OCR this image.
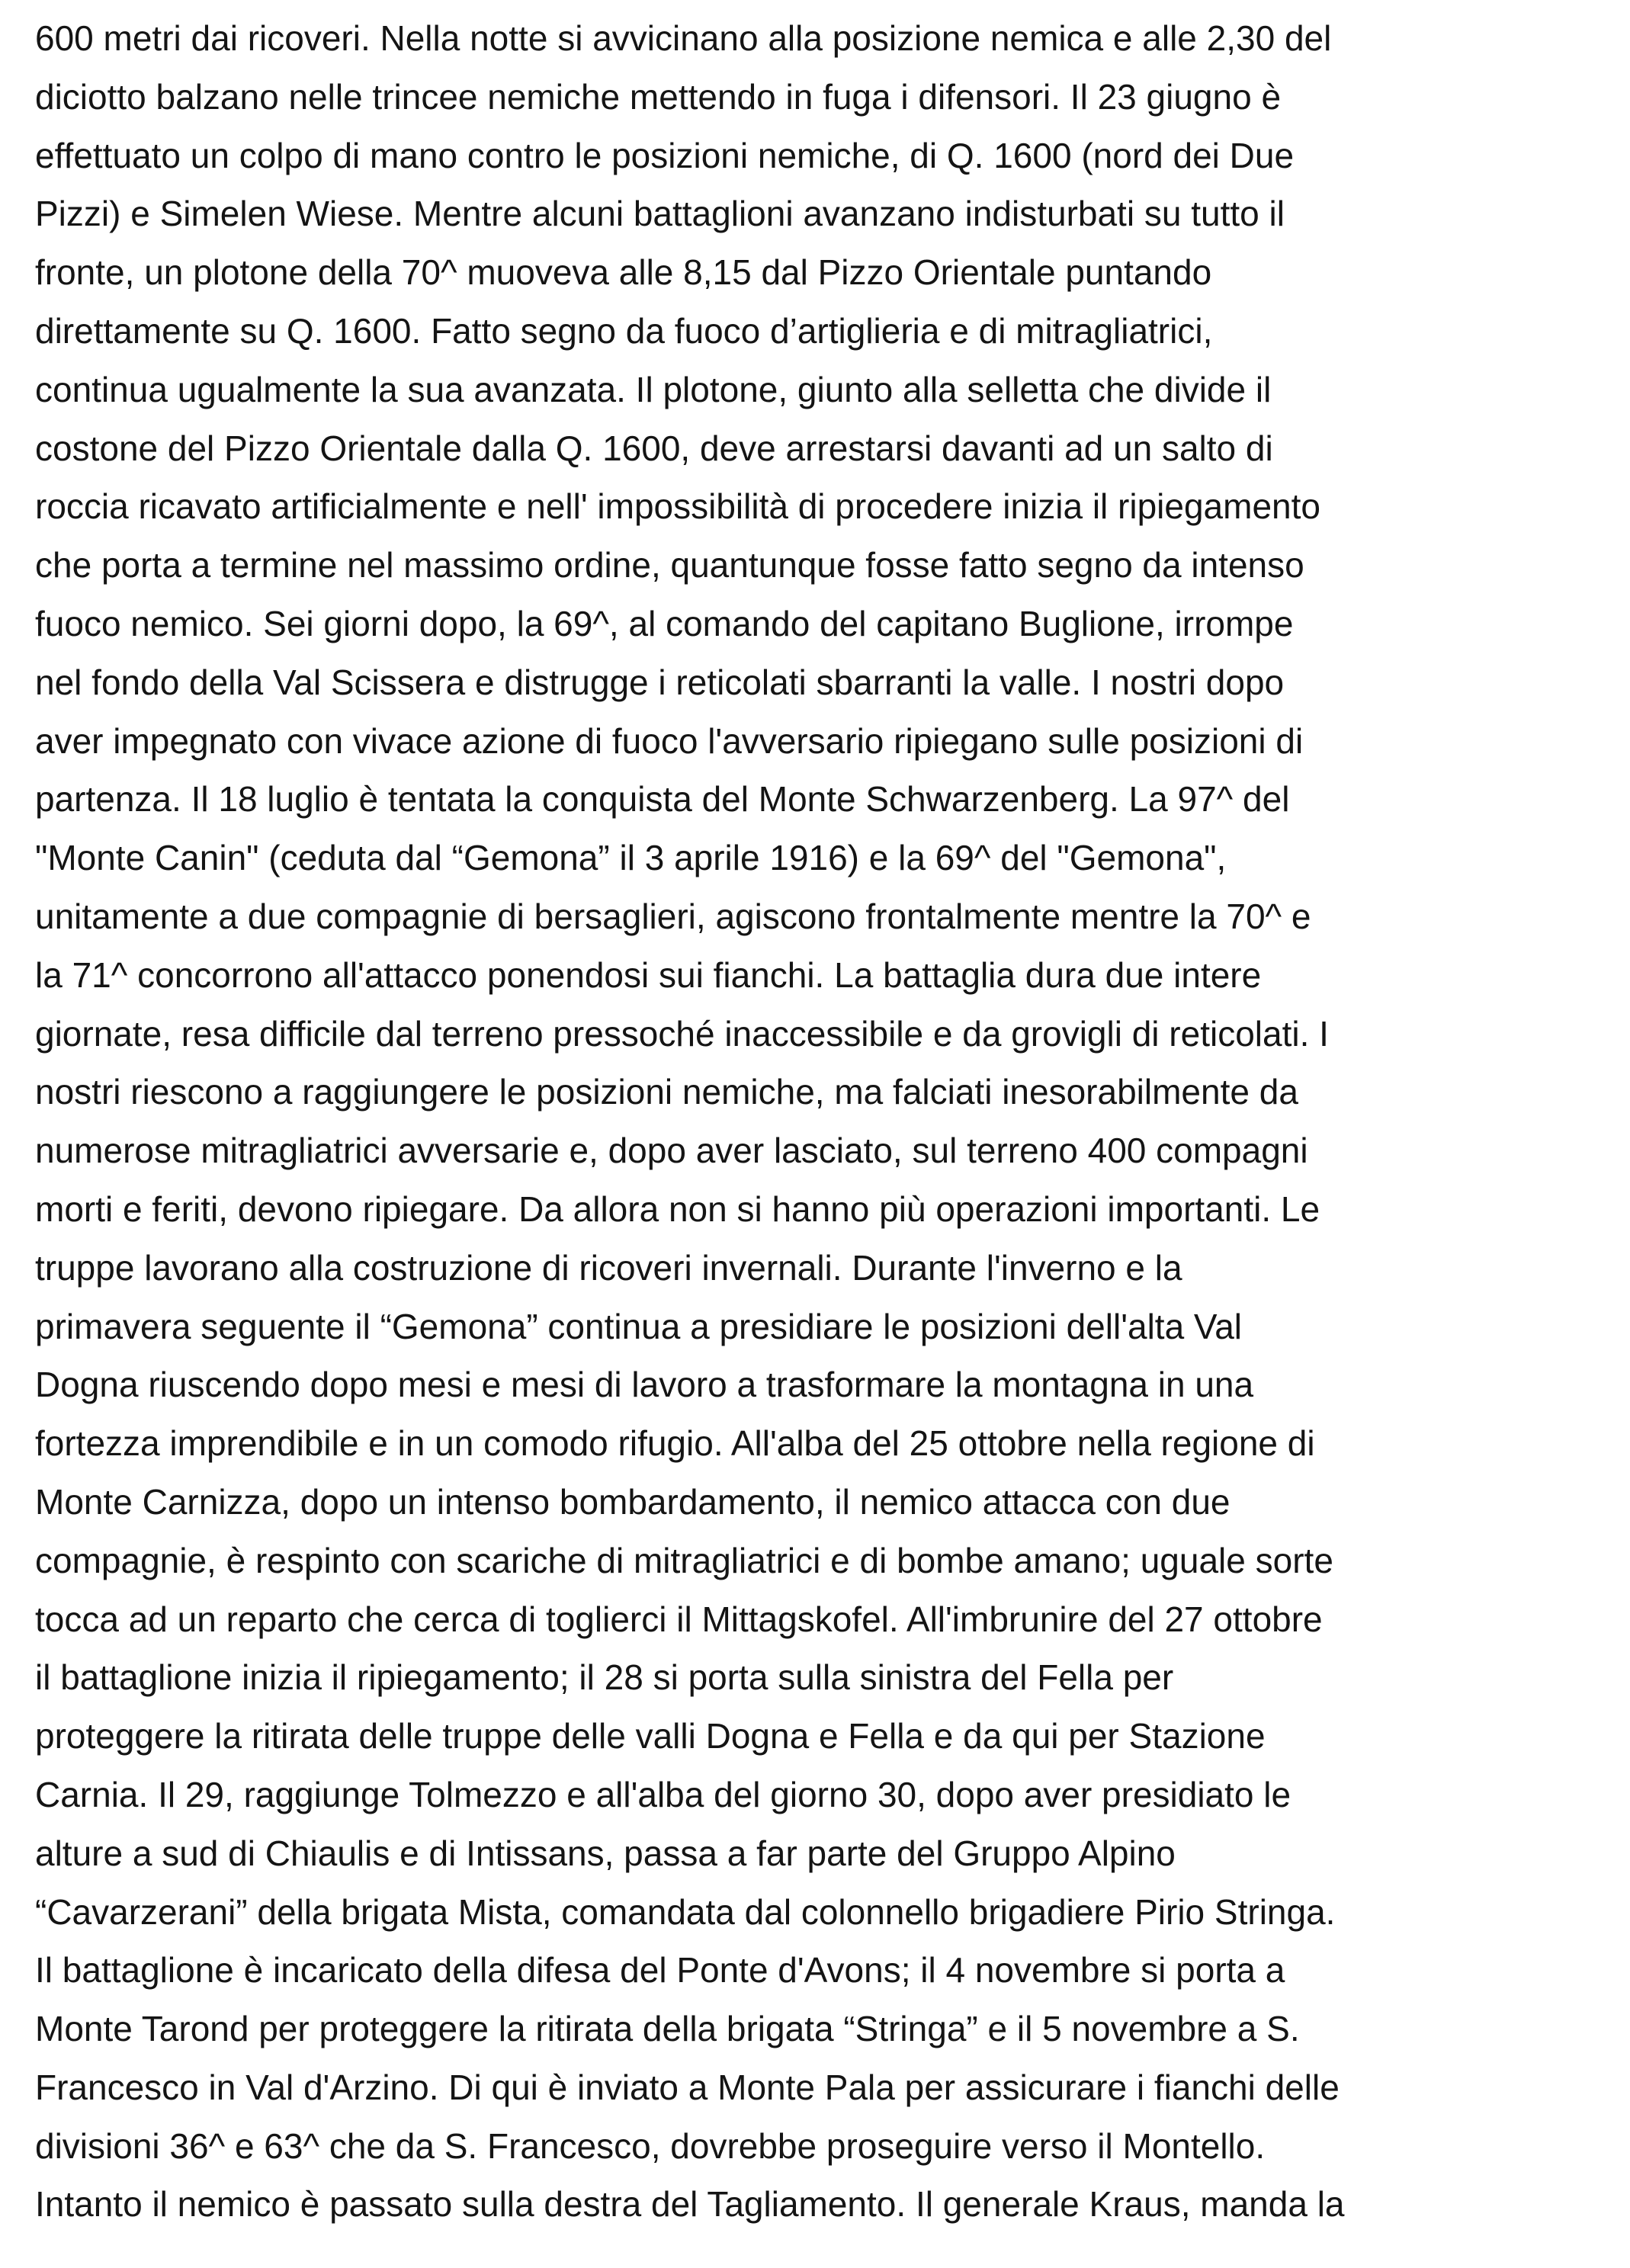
600 metri dai ricoveri. Nella notte si avvicinano alla posizione nemica e alle 2,30 del
diciotto balzano nelle trincee nemiche mettendo in fuga i difensori. Il 23 giugno è
effettuato un colpo di mano contro le posizioni nemiche, di Q. 1600 (nord dei Due
Pizzi) e Simelen Wiese. Mentre alcuni battaglioni avanzano indisturbati su tutto il
fronte, un plotone della 70^ muoveva alle 8,15 dal Pizzo Orientale puntando
direttamente su Q. 1600. Fatto segno da fuoco d’artiglieria e di mitragliatrici,
continua ugualmente la sua avanzata. Il plotone, giunto alla selletta che divide il
costone del Pizzo Orientale dalla Q. 1600, deve arrestarsi davanti ad un salto di
roccia ricavato artificialmente e nell' impossibilità di procedere inizia il ripiegamento
che porta a termine nel massimo ordine, quantunque fosse fatto segno da intenso
fuoco nemico. Sei giorni dopo, la 69^, al comando del capitano Buglione, irrompe
nel fondo della Val Scissera e distrugge i reticolati sbarranti la valle. I nostri dopo
aver impegnato con vivace azione di fuoco l'avversario ripiegano sulle posizioni di
partenza. Il 18 luglio è tentata la conquista del Monte Schwarzenberg. La 97^ del
"Monte Canin" (ceduta dal “Gemona” il 3 aprile 1916) e la 69^ del "Gemona",
unitamente a due compagnie di bersaglieri, agiscono frontalmente mentre la 70^ e
la 71^ concorrono all'attacco ponendosi sui fianchi. La battaglia dura due intere
giornate, resa difficile dal terreno pressoché inaccessibile e da grovigli di reticolati. I
nostri riescono a raggiungere le posizioni nemiche, ma falciati inesorabilmente da
numerose mitragliatrici avversarie e, dopo aver lasciato, sul terreno 400 compagni
morti e feriti, devono ripiegare. Da allora non si hanno più operazioni importanti. Le
truppe lavorano alla costruzione di ricoveri invernali. Durante l'inverno e la
primavera seguente il “Gemona” continua a presidiare le posizioni dell'alta Val
Dogna riuscendo dopo mesi e mesi di lavoro a trasformare la montagna in una
fortezza imprendibile e in un comodo rifugio. All'alba del 25 ottobre nella regione di
Monte Carnizza, dopo un intenso bombardamento, il nemico attacca con due
compagnie, è respinto con scariche di mitragliatrici e di bombe amano; uguale sorte
tocca ad un reparto che cerca di toglierci il Mittagskofel. All'imbrunire del 27 ottobre
il battaglione inizia il ripiegamento; il 28 si porta sulla sinistra del Fella per
proteggere la ritirata delle truppe delle valli Dogna e Fella e da qui per Stazione
Carnia. Il 29, raggiunge Tolmezzo e all'alba del giorno 30, dopo aver presidiato le
alture a sud di Chiaulis e di Intissans, passa a far parte del Gruppo Alpino
“Cavarzerani” della brigata Mista, comandata dal colonnello brigadiere Pirio Stringa.
Il battaglione è incaricato della difesa del Ponte d'Avons; il 4 novembre si porta a
Monte Tarond per proteggere la ritirata della brigata “Stringa” e il 5 novembre a S.
Francesco in Val d'Arzino. Di qui è inviato a Monte Pala per assicurare i fianchi delle
divisioni 36^ e 63^ che da S. Francesco, dovrebbe proseguire verso il Montello.
Intanto il nemico è passato sulla destra del Tagliamento. Il generale Kraus, manda la
